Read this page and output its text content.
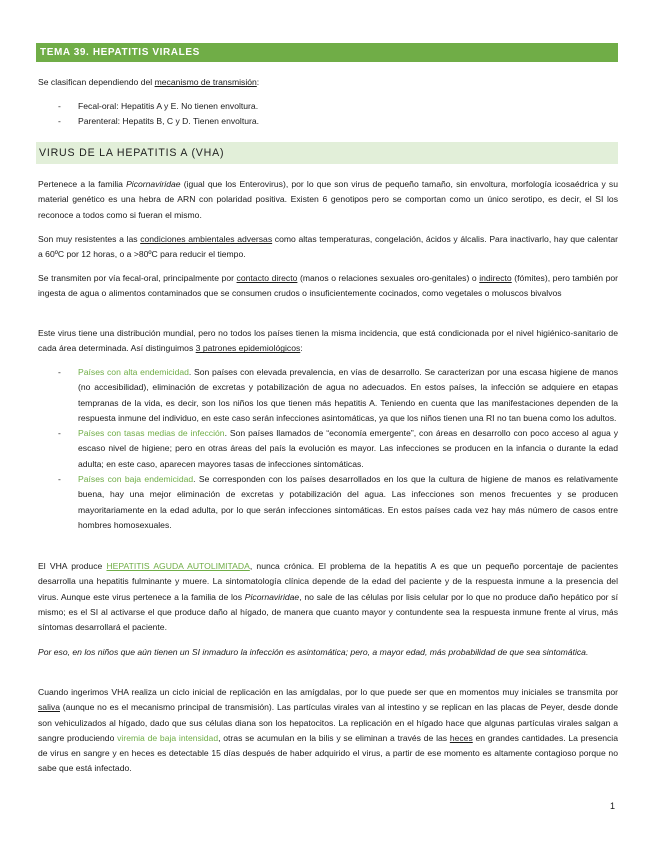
TEMA 39. HEPATITIS VIRALES
Se clasifican dependiendo del mecanismo de transmisión:
- Fecal-oral: Hepatitis A y E. No tienen envoltura.
- Parenteral: Hepatits B, C y D. Tienen envoltura.
VIRUS DE LA HEPATITIS A (VHA)
Pertenece a la familia Picornaviridae (igual que los Enterovirus), por lo que son virus de pequeño tamaño, sin envoltura, morfología icosaédrica y su material genético es una hebra de ARN con polaridad positiva. Existen 6 genotipos pero se comportan como un único serotipo, es decir, el SI los reconoce a todos como si fueran el mismo.
Son muy resistentes a las condiciones ambientales adversas como altas temperaturas, congelación, ácidos y álcalis. Para inactivarlo, hay que calentar a 60ºC por 12 horas, o a >80ºC para reducir el tiempo.
Se transmiten por vía fecal-oral, principalmente por contacto directo (manos o relaciones sexuales oro-genitales) o indirecto (fómites), pero también por ingesta de agua o alimentos contaminados que se consumen crudos o insuficientemente cocinados, como vegetales o moluscos bivalvos
Este virus tiene una distribución mundial, pero no todos los países tienen la misma incidencia, que está condicionada por el nivel higiénico-sanitario de cada área determinada. Así distinguimos 3 patrones epidemiológicos:
- Países con alta endemicidad. Son países con elevada prevalencia, en vías de desarrollo. Se caracterizan por una escasa higiene de manos (no accesibilidad), eliminación de excretas y potabilización de agua no adecuados. En estos países, la infección se adquiere en etapas tempranas de la vida, es decir, son los niños los que tienen más hepatitis A. Teniendo en cuenta que las manifestaciones dependen de la respuesta inmune del individuo, en este caso serán infecciones asintomáticas, ya que los niños tienen una RI no tan buena como los adultos.
- Países con tasas medias de infección. Son países llamados de “economía emergente”, con áreas en desarrollo con poco acceso al agua y escaso nivel de higiene; pero en otras áreas del país la evolución es mayor. Las infecciones se producen en la infancia o durante la edad adulta; en este caso, aparecen mayores tasas de infecciones sintomáticas.
- Países con baja endemicidad. Se corresponden con los países desarrollados en los que la cultura de higiene de manos es relativamente buena, hay una mejor eliminación de excretas y potabilización del agua. Las infecciones son menos frecuentes y se producen mayoritariamente en la edad adulta, por lo que serán infecciones sintomáticas. En estos países cada vez hay más número de casos entre hombres homosexuales.
El VHA produce HEPATITIS AGUDA AUTOLIMITADA, nunca crónica. El problema de la hepatitis A es que un pequeño porcentaje de pacientes desarrolla una hepatitis fulminante y muere. La sintomatología clínica depende de la edad del paciente y de la respuesta inmune a la presencia del virus. Aunque este virus pertenece a la familia de los Picornaviridae, no sale de las células por lisis celular por lo que no produce daño hepático por sí mismo; es el SI al activarse el que produce daño al hígado, de manera que cuanto mayor y contundente sea la respuesta inmune frente al virus, más síntomas desarrollará el paciente.
Por eso, en los niños que aún tienen un SI inmaduro la infección es asintomática; pero, a mayor edad, más probabilidad de que sea sintomática.
Cuando ingerimos VHA realiza un ciclo inicial de replicación en las amígdalas, por lo que puede ser que en momentos muy iniciales se transmita por saliva (aunque no es el mecanismo principal de transmisión). Las partículas virales van al intestino y se replican en las placas de Peyer, desde donde son vehiculizados al hígado, dado que sus células diana son los hepatocitos. La replicación en el hígado hace que algunas partículas virales salgan a sangre produciendo viremia de baja intensidad, otras se acumulan en la bilis y se eliminan a través de las heces en grandes cantidades. La presencia de virus en sangre y en heces es detectable 15 días después de haber adquirido el virus, a partir de ese momento es altamente contagioso porque no sabe que está infectado.
1
